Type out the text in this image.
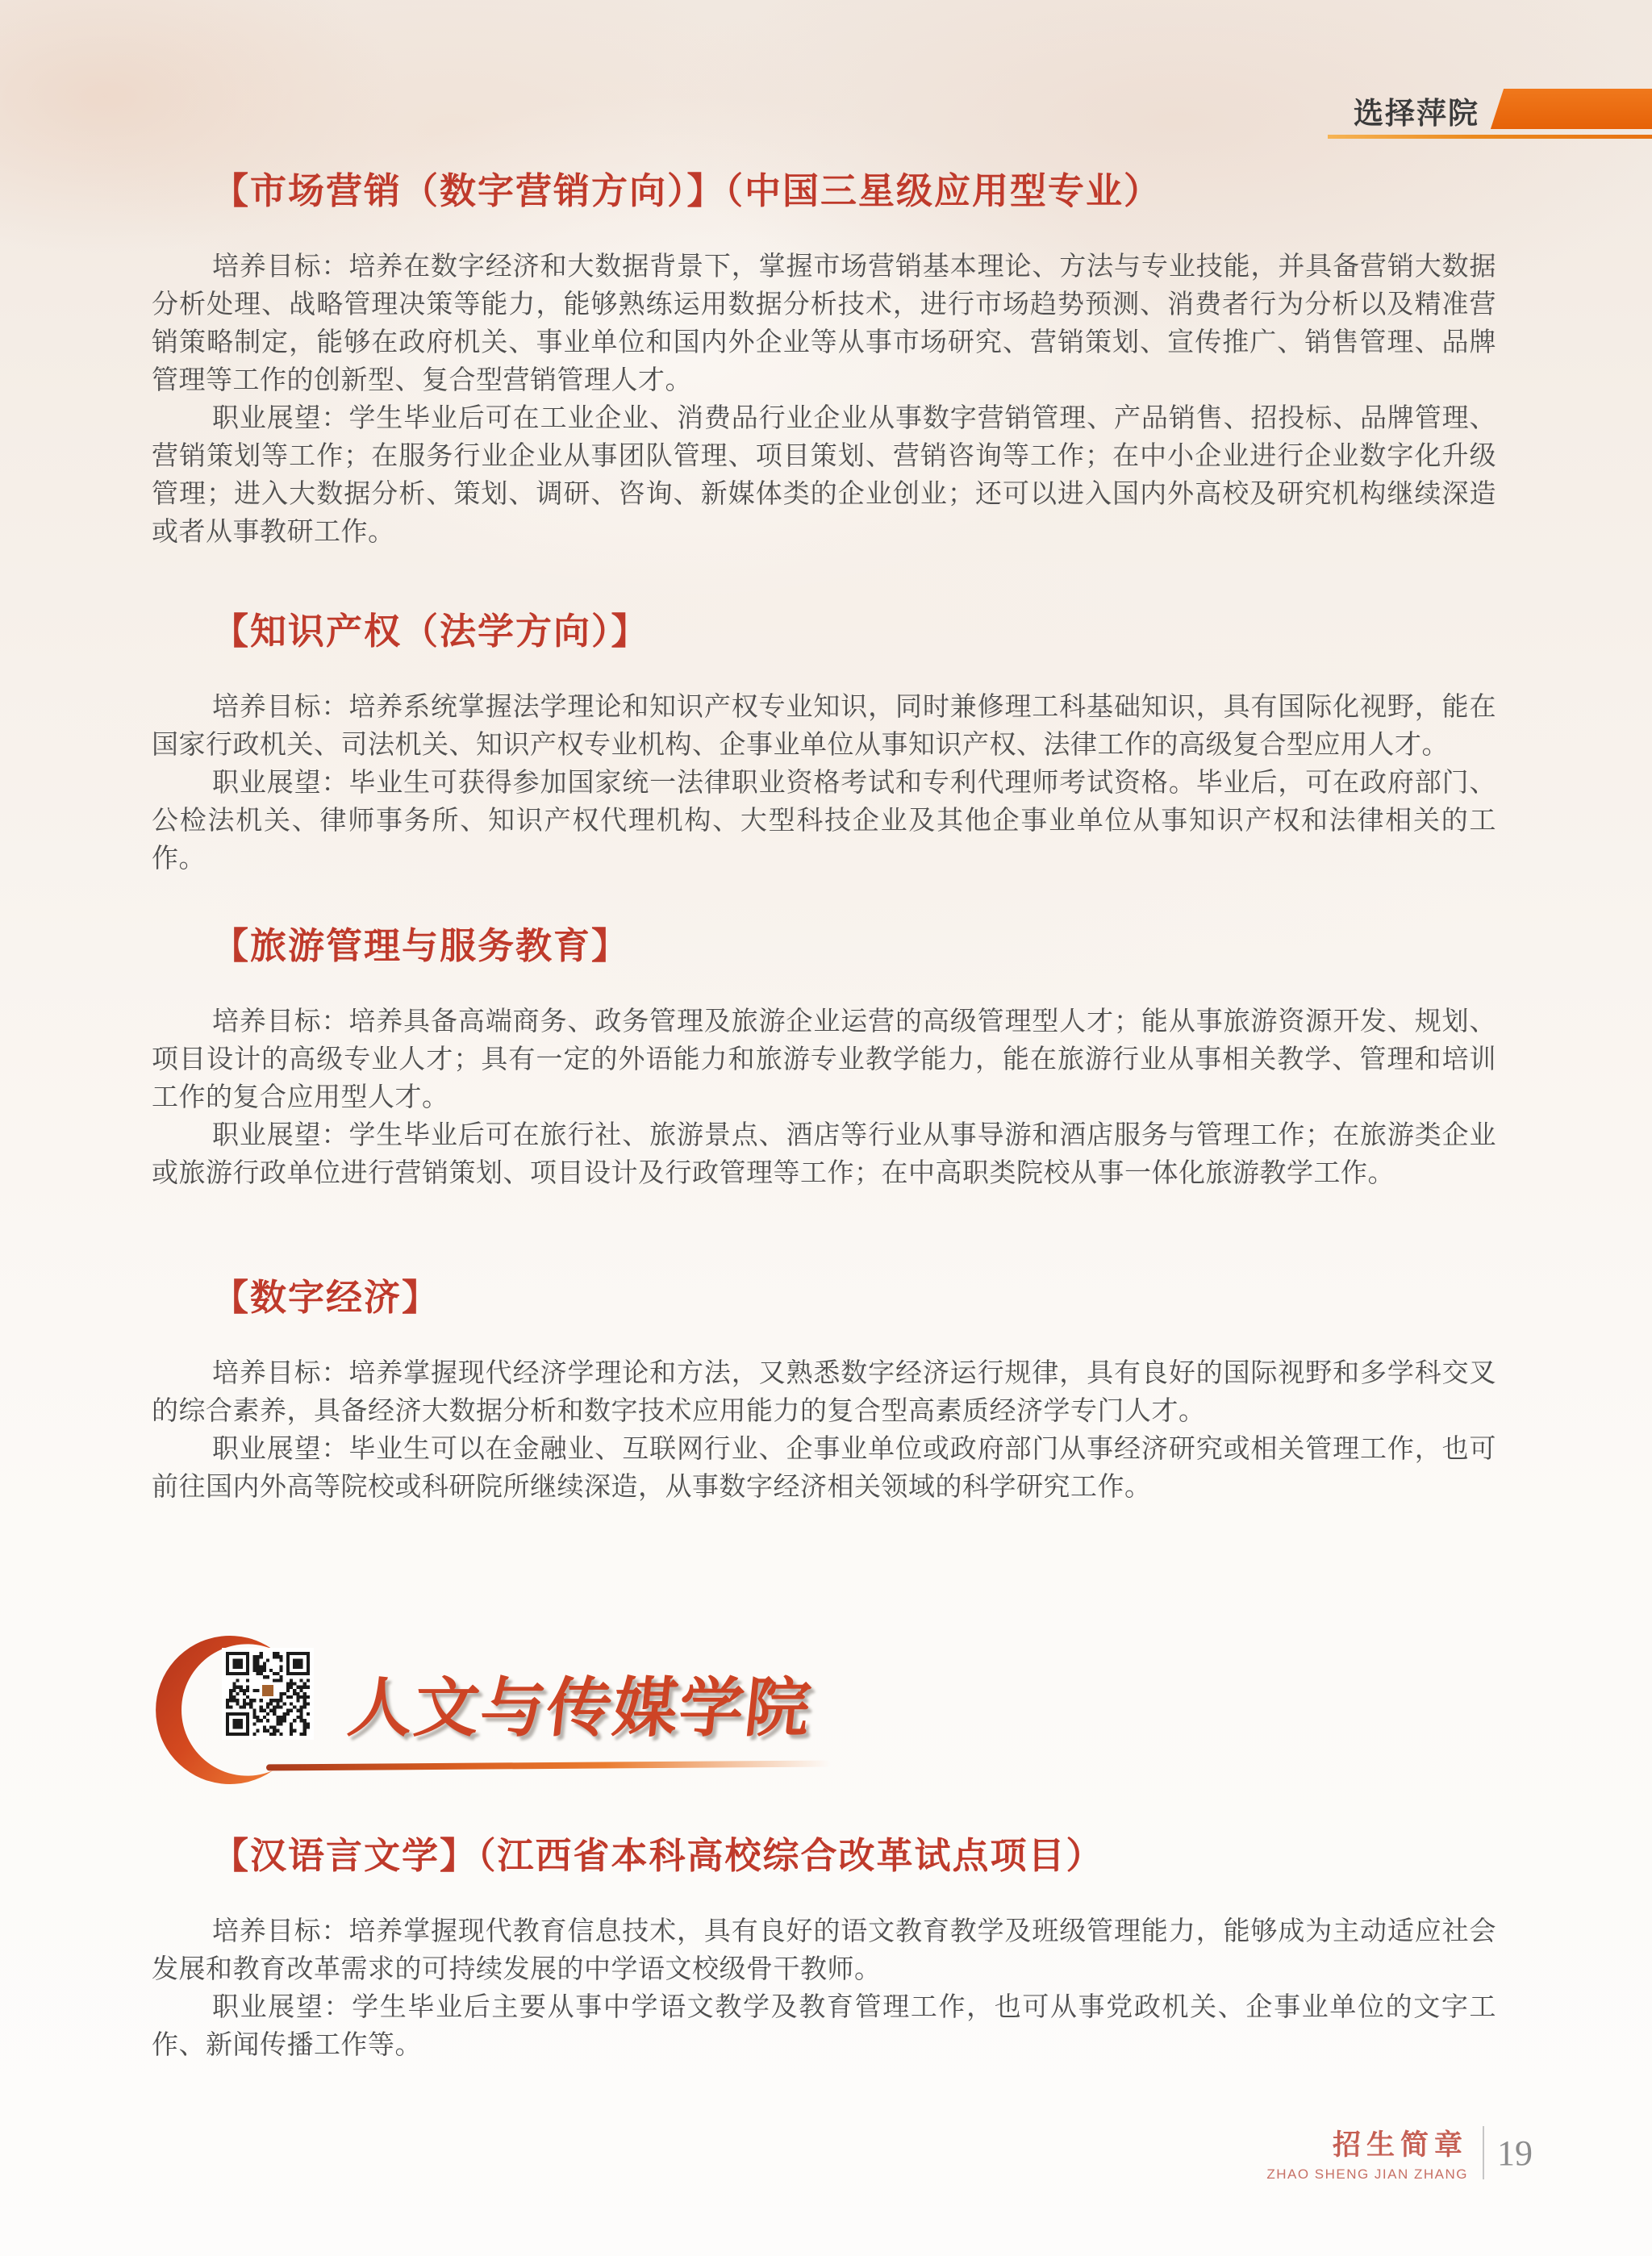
选择萍院
【市场营销（数字营销方向）】（中国三星级应用型专业）

培养目标：培养在数字经济和大数据背景下，掌握市场营销基本理论、方法与专业技能，并具备营销大数据分析处理、战略管理决策等能力，能够熟练运用数据分析技术，进行市场趋势预测、消费者行为分析以及精准营销策略制定，能够在政府机关、事业单位和国内外企业等从事市场研究、营销策划、宣传推广、销售管理、品牌管理等工作的创新型、复合型营销管理人才。

职业展望：学生毕业后可在工业企业、消费品行业企业从事数字营销管理、产品销售、招投标、品牌管理、营销策划等工作；在服务行业企业从事团队管理、项目策划、营销咨询等工作；在中小企业进行企业数字化升级管理；进入大数据分析、策划、调研、咨询、新媒体类的企业创业；还可以进入国内外高校及研究机构继续深造或者从事教研工作。

【知识产权（法学方向）】

培养目标：培养系统掌握法学理论和知识产权专业知识，同时兼修理工科基础知识，具有国际化视野，能在国家行政机关、司法机关、知识产权专业机构、企事业单位从事知识产权、法律工作的高级复合型应用人才。

职业展望：毕业生可获得参加国家统一法律职业资格考试和专利代理师考试资格。毕业后，可在政府部门、公检法机关、律师事务所、知识产权代理机构、大型科技企业及其他企事业单位从事知识产权和法律相关的工作。

【旅游管理与服务教育】

培养目标：培养具备高端商务、政务管理及旅游企业运营的高级管理型人才；能从事旅游资源开发、规划、项目设计的高级专业人才；具有一定的外语能力和旅游专业教学能力，能在旅游行业从事相关教学、管理和培训工作的复合应用型人才。

职业展望：学生毕业后可在旅行社、旅游景点、酒店等行业从事导游和酒店服务与管理工作；在旅游类企业或旅游行政单位进行营销策划、项目设计及行政管理等工作；在中高职类院校从事一体化旅游教学工作。

【数字经济】

培养目标：培养掌握现代经济学理论和方法，又熟悉数字经济运行规律，具有良好的国际视野和多学科交叉的综合素养，具备经济大数据分析和数字技术应用能力的复合型高素质经济学专门人才。

职业展望：毕业生可以在金融业、互联网行业、企事业单位或政府部门从事经济研究或相关管理工作，也可前往国内外高等院校或科研院所继续深造，从事数字经济相关领域的科学研究工作。

人文与传媒学院
【汉语言文学】（江西省本科高校综合改革试点项目）

培养目标：培养掌握现代教育信息技术，具有良好的语文教育教学及班级管理能力，能够成为主动适应社会发展和教育改革需求的可持续发展的中学语文校级骨干教师。

职业展望：学生毕业后主要从事中学语文教学及教育管理工作，也可从事党政机关、企事业单位的文字工作、新闻传播工作等。

招生简章
ZHAO SHENG JIAN ZHANG
19
